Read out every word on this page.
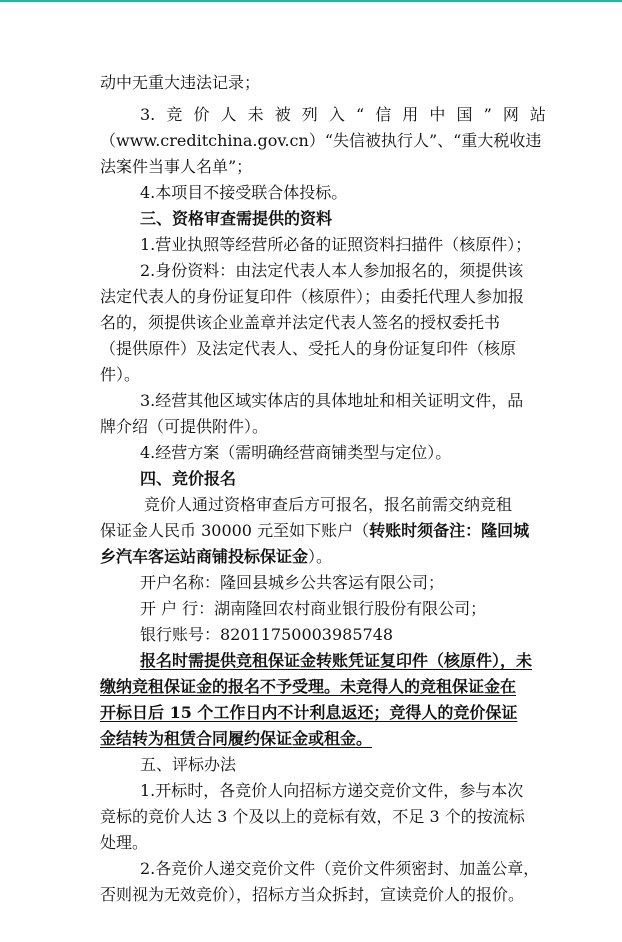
动中无重大违法记录；
3. 竞 价 人 未 被 列 入 “ 信 用 中 国 ” 网 站
（www.creditchina.gov.cn）“失信被执行人”、“重大税收违
法案件当事人名单”；
4.本项目不接受联合体投标。
三、资格审查需提供的资料
1.营业执照等经营所必备的证照资料扫描件（核原件）；
2.身份资料：由法定代表人本人参加报名的，须提供该
法定代表人的身份证复印件（核原件）；由委托代理人参加报
名的，须提供该企业盖章并法定代表人签名的授权委托书
（提供原件）及法定代表人、受托人的身份证复印件（核原
件）。
3.经营其他区域实体店的具体地址和相关证明文件，品
牌介绍（可提供附件）。
4.经营方案（需明确经营商铺类型与定位）。
四、竞价报名
竞价人通过资格审查后方可报名，报名前需交纳竞租
保证金人民币 30000 元至如下账户（转账时须备注：隆回城
乡汽车客运站商铺投标保证金）。
开户名称：隆回县城乡公共客运有限公司；
开 户 行：湖南隆回农村商业银行股份有限公司；
银行账号：82011750003985748
报名时需提供竞租保证金转账凭证复印件（核原件），未
缴纳竞租保证金的报名不予受理。未竞得人的竞租保证金在
开标日后 15 个工作日内不计利息返还；竞得人的竞价保证
金结转为租赁合同履约保证金或租金。
五、评标办法
1.开标时，各竞价人向招标方递交竞价文件，参与本次
竞标的竞价人达 3 个及以上的竞标有效，不足 3 个的按流标
处理。
2.各竞价人递交竞价文件（竞价文件须密封、加盖公章，
否则视为无效竞价），招标方当众拆封，宣读竞价人的报价。
